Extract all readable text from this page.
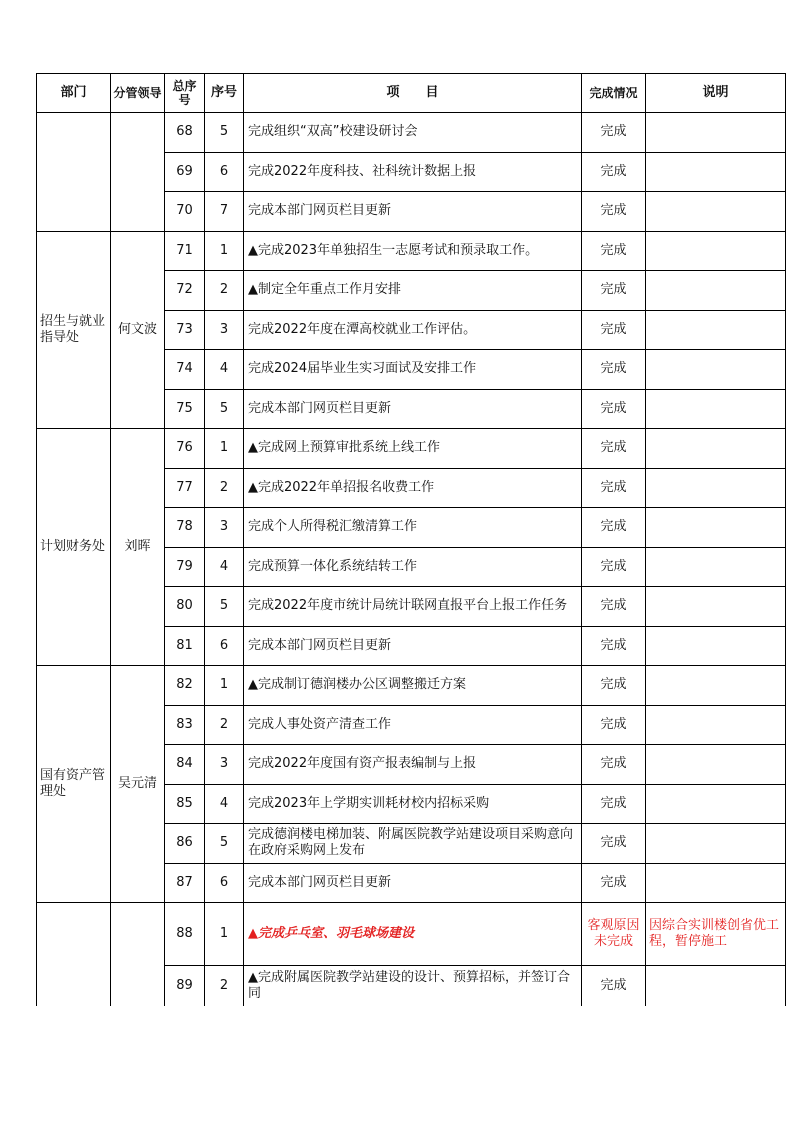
部门	分管领导	总序号	序号	项　　目	完成情况	说明
		68	5	完成组织“双高”校建设研讨会	完成	
		69	6	完成2022年度科技、社科统计数据上报	完成	
		70	7	完成本部门网页栏目更新	完成	
招生与就业指导处	何文波	71	1	▲完成2023年单独招生一志愿考试和预录取工作。	完成	
		72	2	▲制定全年重点工作月安排	完成	
		73	3	完成2022年度在潭高校就业工作评估。	完成	
		74	4	完成2024届毕业生实习面试及安排工作	完成	
		75	5	完成本部门网页栏目更新	完成	
计划财务处	刘晖	76	1	▲完成网上预算审批系统上线工作	完成	
		77	2	▲完成2022年单招报名收费工作	完成	
		78	3	完成个人所得税汇缴清算工作	完成	
		79	4	完成预算一体化系统结转工作	完成	
		80	5	完成2022年度市统计局统计联网直报平台上报工作任务	完成	
		81	6	完成本部门网页栏目更新	完成	
国有资产管理处	吴元清	82	1	▲完成制订德润楼办公区调整搬迁方案	完成	
		83	2	完成人事处资产清查工作	完成	
		84	3	完成2022年度国有资产报表编制与上报	完成	
		85	4	完成2023年上学期实训耗材校内招标采购	完成	
		86	5	完成德润楼电梯加装、附属医院教学站建设项目采购意向在政府采购网上发布	完成	
		87	6	完成本部门网页栏目更新	完成	
		88	1	▲完成乒乓室、羽毛球场建设	客观原因未完成	因综合实训楼创省优工程，暂停施工
		89	2	▲完成附属医院教学站建设的设计、预算招标，并签订合同	完成	
